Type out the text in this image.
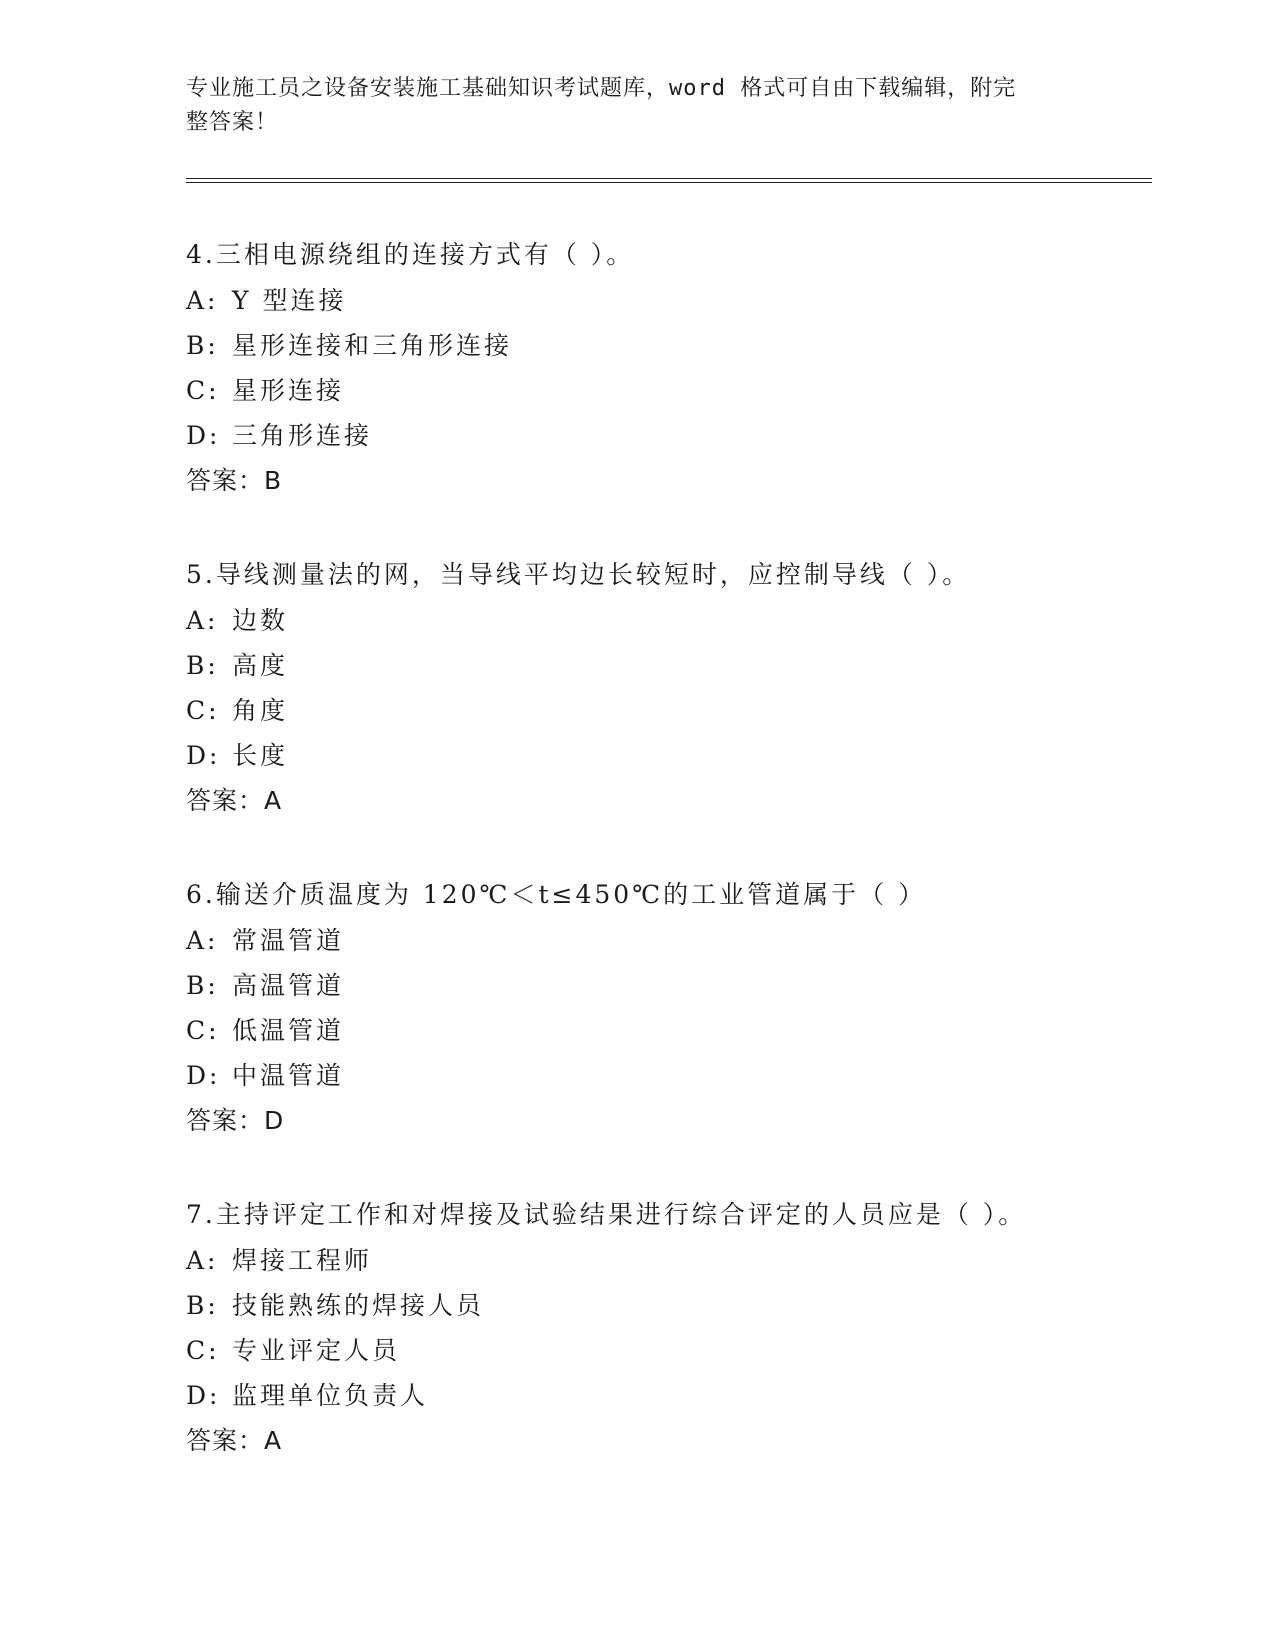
专业施工员之设备安装施工基础知识考试题库，word 格式可自由下载编辑，附完
整答案！
4.三相电源绕组的连接方式有（ ）。
A: Y 型连接
B: 星形连接和三角形连接
C: 星形连接
D: 三角形连接
答案：B
5.导线测量法的网，当导线平均边长较短时，应控制导线（ ）。
A: 边数
B: 高度
C: 角度
D: 长度
答案：A
6.输送介质温度为 120℃＜t≤450℃的工业管道属于（ ）
A: 常温管道
B: 高温管道
C: 低温管道
D: 中温管道
答案：D
7.主持评定工作和对焊接及试验结果进行综合评定的人员应是（ ）。
A: 焊接工程师
B: 技能熟练的焊接人员
C: 专业评定人员
D: 监理单位负责人
答案：A
